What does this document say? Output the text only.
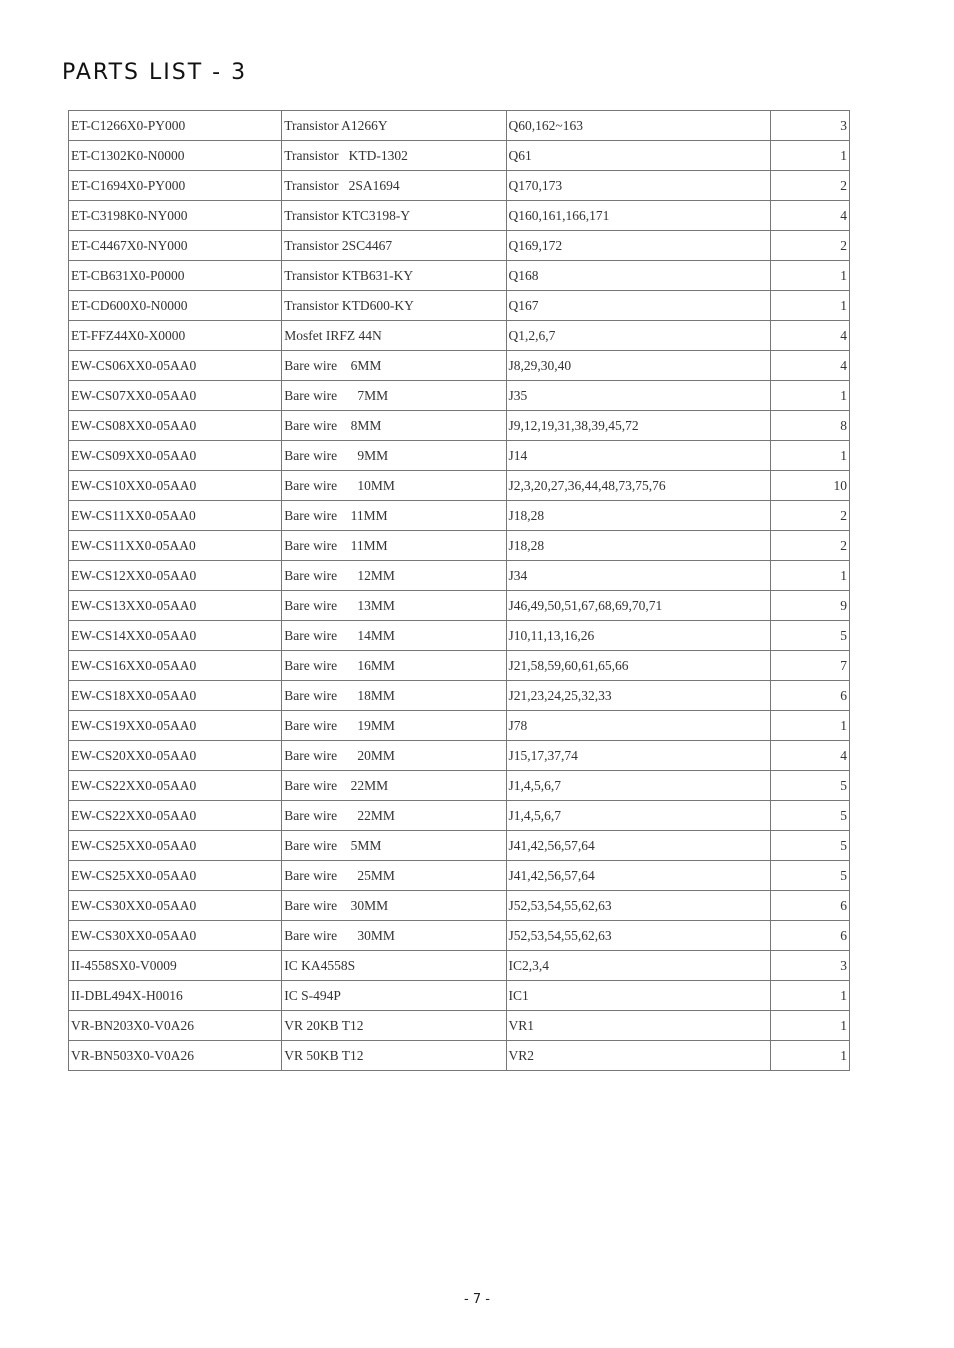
PARTS LIST - 3
ET-C1266X0-PY000	Transistor A1266Y	Q60,162~163	3
ET-C1302K0-N0000	Transistor   KTD-1302	Q61	1
ET-C1694X0-PY000	Transistor   2SA1694	Q170,173	2
ET-C3198K0-NY000	Transistor KTC3198-Y	Q160,161,166,171	4
ET-C4467X0-NY000	Transistor 2SC4467	Q169,172	2
ET-CB631X0-P0000	Transistor KTB631-KY	Q168	1
ET-CD600X0-N0000	Transistor KTD600-KY	Q167	1
ET-FFZ44X0-X0000	Mosfet IRFZ 44N	Q1,2,6,7	4
EW-CS06XX0-05AA0	Bare wire    6MM	J8,29,30,40	4
EW-CS07XX0-05AA0	Bare wire      7MM	J35	1
EW-CS08XX0-05AA0	Bare wire    8MM	J9,12,19,31,38,39,45,72	8
EW-CS09XX0-05AA0	Bare wire      9MM	J14	1
EW-CS10XX0-05AA0	Bare wire      10MM	J2,3,20,27,36,44,48,73,75,76	10
EW-CS11XX0-05AA0	Bare wire    11MM	J18,28	2
EW-CS11XX0-05AA0	Bare wire    11MM	J18,28	2
EW-CS12XX0-05AA0	Bare wire      12MM	J34	1
EW-CS13XX0-05AA0	Bare wire      13MM	J46,49,50,51,67,68,69,70,71	9
EW-CS14XX0-05AA0	Bare wire      14MM	J10,11,13,16,26	5
EW-CS16XX0-05AA0	Bare wire      16MM	J21,58,59,60,61,65,66	7
EW-CS18XX0-05AA0	Bare wire      18MM	J21,23,24,25,32,33	6
EW-CS19XX0-05AA0	Bare wire      19MM	J78	1
EW-CS20XX0-05AA0	Bare wire      20MM	J15,17,37,74	4
EW-CS22XX0-05AA0	Bare wire    22MM	J1,4,5,6,7	5
EW-CS22XX0-05AA0	Bare wire      22MM	J1,4,5,6,7	5
EW-CS25XX0-05AA0	Bare wire    5MM	J41,42,56,57,64	5
EW-CS25XX0-05AA0	Bare wire      25MM	J41,42,56,57,64	5
EW-CS30XX0-05AA0	Bare wire    30MM	J52,53,54,55,62,63	6
EW-CS30XX0-05AA0	Bare wire      30MM	J52,53,54,55,62,63	6
II-4558SX0-V0009	IC KA4558S	IC2,3,4	3
II-DBL494X-H0016	IC S-494P	IC1	1
VR-BN203X0-V0A26	VR 20KB T12	VR1	1
VR-BN503X0-V0A26	VR 50KB T12	VR2	1
- 7 -
